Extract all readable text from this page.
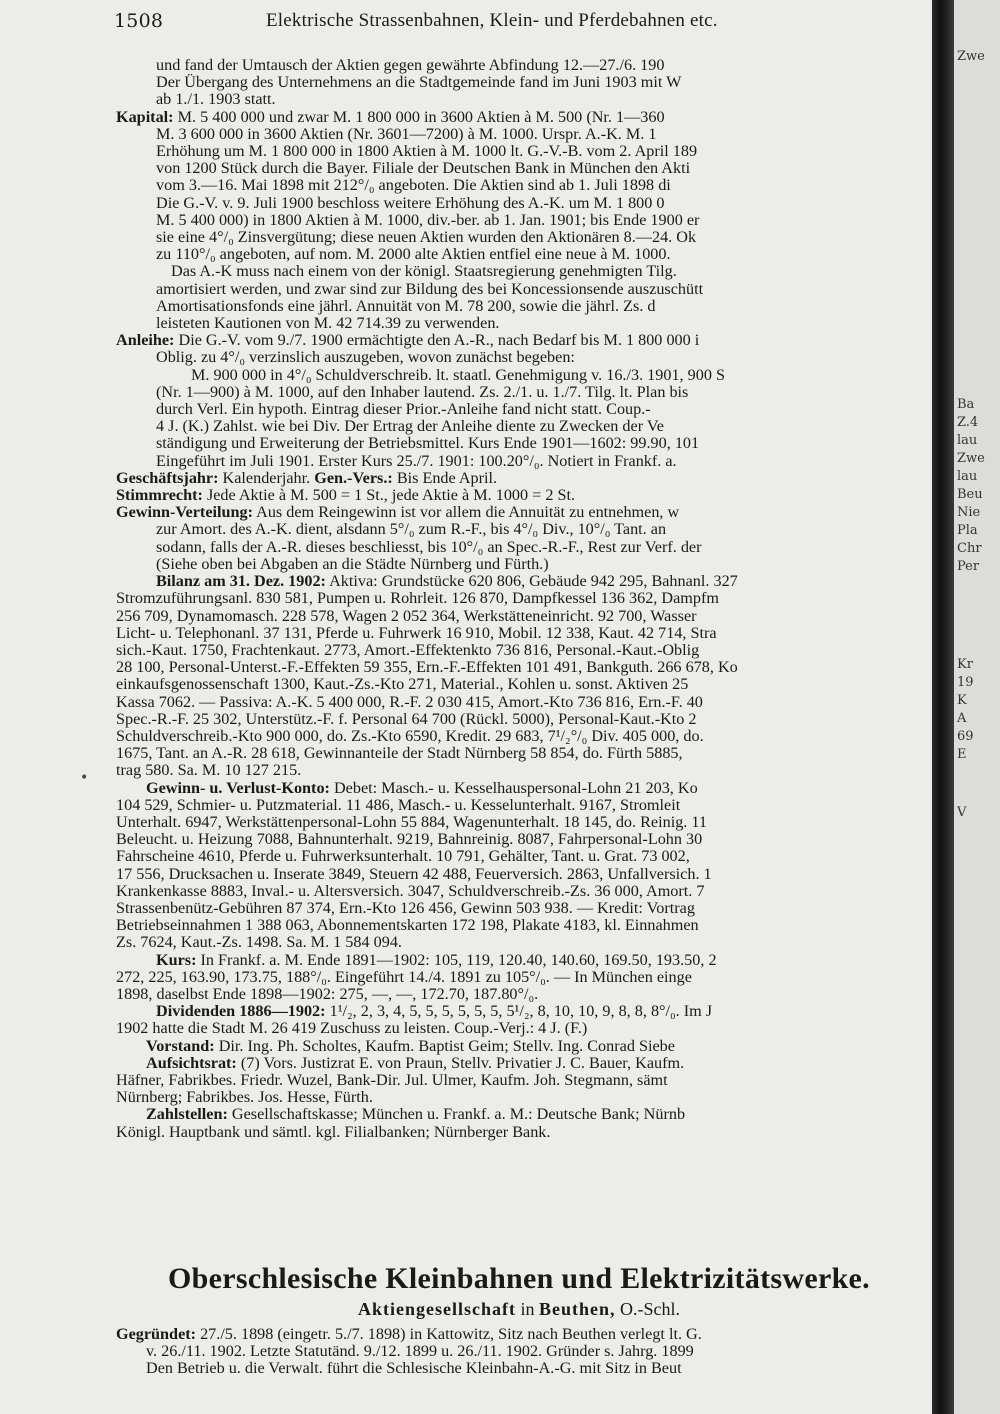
1508	Elektrische Strassenbahnen, Klein- und Pferdebahnen etc.
•

und fand der Umtausch der Aktien gegen gewährte Abfindung 12.—27./6. 190

Der Übergang des Unternehmens an die Stadtgemeinde fand im Juni 1903 mit W

ab 1./1. 1903 statt.

Kapital: M. 5 400 000 und zwar M. 1 800 000 in 3600 Aktien à M. 500 (Nr. 1—360

M. 3 600 000 in 3600 Aktien (Nr. 3601—7200) à M. 1000. Urspr. A.-K. M. 1

Erhöhung um M. 1 800 000 in 1800 Aktien à M. 1000 lt. G.-V.-B. vom 2. April 189

von 1200 Stück durch die Bayer. Filiale der Deutschen Bank in München den Akti

vom 3.—16. Mai 1898 mit 212°/₀ angeboten. Die Aktien sind ab 1. Juli 1898 di

Die G.-V. v. 9. Juli 1900 beschloss weitere Erhöhung des A.-K. um M. 1 800 0

M. 5 400 000) in 1800 Aktien à M. 1000, div.-ber. ab 1. Jan. 1901; bis Ende 1900 er

sie eine 4°/₀ Zinsvergütung; diese neuen Aktien wurden den Aktionären 8.—24. Ok

zu 110°/₀ angeboten, auf nom. M. 2000 alte Aktien entfiel eine neue à M. 1000.

Das A.-K muss nach einem von der königl. Staatsregierung genehmigten Tilg.

amortisiert werden, und zwar sind zur Bildung des bei Koncessionsende auszuschütt

Amortisationsfonds eine jährl. Annuität von M. 78 200, sowie die jährl. Zs. d

leisteten Kautionen von M. 42 714.39 zu verwenden.

Anleihe: Die G.-V. vom 9./7. 1900 ermächtigte den A.-R., nach Bedarf bis M. 1 800 000 i

Oblig. zu 4°/₀ verzinslich auszugeben, wovon zunächst begeben:

M. 900 000 in 4°/₀ Schuldverschreib. lt. staatl. Genehmigung v. 16./3. 1901, 900 S

(Nr. 1—900) à M. 1000, auf den Inhaber lautend. Zs. 2./1. u. 1./7. Tilg. lt. Plan bis

durch Verl. Ein hypoth. Eintrag dieser Prior.-Anleihe fand nicht statt. Coup.-

4 J. (K.) Zahlst. wie bei Div. Der Ertrag der Anleihe diente zu Zwecken der Ve

ständigung und Erweiterung der Betriebsmittel. Kurs Ende 1901—1602: 99.90, 101

Eingeführt im Juli 1901. Erster Kurs 25./7. 1901: 100.20°/₀. Notiert in Frankf. a.

Geschäftsjahr: Kalenderjahr. Gen.-Vers.: Bis Ende April.

Stimmrecht: Jede Aktie à M. 500 = 1 St., jede Aktie à M. 1000 = 2 St.

Gewinn-Verteilung: Aus dem Reingewinn ist vor allem die Annuität zu entnehmen, w

zur Amort. des A.-K. dient, alsdann 5°/₀ zum R.-F., bis 4°/₀ Div., 10°/₀ Tant. an

sodann, falls der A.-R. dieses beschliesst, bis 10°/₀ an Spec.-R.-F., Rest zur Verf. der

(Siehe oben bei Abgaben an die Städte Nürnberg und Fürth.)

Bilanz am 31. Dez. 1902: Aktiva: Grundstücke 620 806, Gebäude 942 295, Bahnanl. 327

Stromzuführungsanl. 830 581, Pumpen u. Rohrleit. 126 870, Dampfkessel 136 362, Dampfm

256 709, Dynamomasch. 228 578, Wagen 2 052 364, Werkstätteneinricht. 92 700, Wasser

Licht- u. Telephonanl. 37 131, Pferde u. Fuhrwerk 16 910, Mobil. 12 338, Kaut. 42 714, Stra

sich.-Kaut. 1750, Frachtenkaut. 2773, Amort.-Effektenkto 736 816, Personal.-Kaut.-Oblig

28 100, Personal-Unterst.-F.-Effekten 59 355, Ern.-F.-Effekten 101 491, Bankguth. 266 678, Ko

einkaufsgenossenschaft 1300, Kaut.-Zs.-Kto 271, Material., Kohlen u. sonst. Aktiven 25

Kassa 7062. — Passiva: A.-K. 5 400 000, R.-F. 2 030 415, Amort.-Kto 736 816, Ern.-F. 40

Spec.-R.-F. 25 302, Unterstütz.-F. f. Personal 64 700 (Rückl. 5000), Personal-Kaut.-Kto 2

Schuldverschreib.-Kto 900 000, do. Zs.-Kto 6590, Kredit. 29 683, 7¹/₂°/₀ Div. 405 000, do.

1675, Tant. an A.-R. 28 618, Gewinnanteile der Stadt Nürnberg 58 854, do. Fürth 5885,

trag 580. Sa. M. 10 127 215.

Gewinn- u. Verlust-Konto: Debet: Masch.- u. Kesselhauspersonal-Lohn 21 203, Ko

104 529, Schmier- u. Putzmaterial. 11 486, Masch.- u. Kesselunterhalt. 9167, Stromleit

Unterhalt. 6947, Werkstättenpersonal-Lohn 55 884, Wagenunterhalt. 18 145, do. Reinig. 11

Beleucht. u. Heizung 7088, Bahnunterhalt. 9219, Bahnreinig. 8087, Fahrpersonal-Lohn 30

Fahrscheine 4610, Pferde u. Fuhrwerksunterhalt. 10 791, Gehälter, Tant. u. Grat. 73 002,

17 556, Drucksachen u. Inserate 3849, Steuern 42 488, Feuerversich. 2863, Unfallversich. 1

Krankenkasse 8883, Inval.- u. Altersversich. 3047, Schuldverschreib.-Zs. 36 000, Amort. 7

Strassenbenütz-Gebühren 87 374, Ern.-Kto 126 456, Gewinn 503 938. — Kredit: Vortrag

Betriebseinnahmen 1 388 063, Abonnementskarten 172 198, Plakate 4183, kl. Einnahmen

Zs. 7624, Kaut.-Zs. 1498. Sa. M. 1 584 094.

Kurs: In Frankf. a. M. Ende 1891—1902: 105, 119, 120.40, 140.60, 169.50, 193.50, 2

272, 225, 163.90, 173.75, 188°/₀. Eingeführt 14./4. 1891 zu 105°/₀. — In München einge

1898, daselbst Ende 1898—1902: 275, —, —, 172.70, 187.80°/₀.

Dividenden 1886—1902: 1¹/₂, 2, 3, 4, 5, 5, 5, 5, 5, 5, 5¹/₂, 8, 10, 10, 9, 8, 8, 8°/₀. Im J

1902 hatte die Stadt M. 26 419 Zuschuss zu leisten. Coup.-Verj.: 4 J. (F.)

Vorstand: Dir. Ing. Ph. Scholtes, Kaufm. Baptist Geim; Stellv. Ing. Conrad Siebe

Aufsichtsrat: (7) Vors. Justizrat E. von Praun, Stellv. Privatier J. C. Bauer, Kaufm.

Häfner, Fabrikbes. Friedr. Wuzel, Bank-Dir. Jul. Ulmer, Kaufm. Joh. Stegmann, sämt

Nürnberg; Fabrikbes. Jos. Hesse, Fürth.

Zahlstellen: Gesellschaftskasse; München u. Frankf. a. M.: Deutsche Bank; Nürnb

Königl. Hauptbank und sämtl. kgl. Filialbanken; Nürnberger Bank.

Oberschlesische Kleinbahnen und Elektrizitätswerke.
Aktiengesellschaft in Beuthen, O.-Schl.

Gegründet: 27./5. 1898 (eingetr. 5./7. 1898) in Kattowitz, Sitz nach Beuthen verlegt lt. G.

v. 26./11. 1902. Letzte Statutänd. 9./12. 1899 u. 26./11. 1902. Gründer s. Jahrg. 1899

Den Betrieb u. die Verwalt. führt die Schlesische Kleinbahn-A.-G. mit Sitz in Beut

Zwe
Ba
Z.4
lau
Zwe
lau
Beu
Nie
Pla
Chr
Per
Kr
19
K
A
69
E
V
